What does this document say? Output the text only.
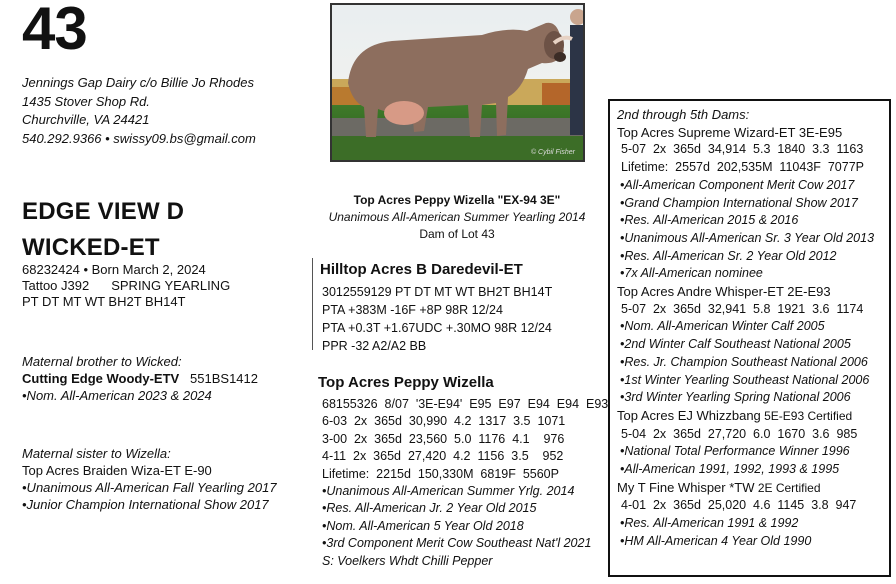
43
Jennings Gap Dairy c/o Billie Jo Rhodes
1435 Stover Shop Rd.
Churchville, VA 24421
540.292.9366 • swissy09.bs@gmail.com
EDGE VIEW D
WICKED-ET
68232424 • Born March 2, 2024
Tattoo J392 SPRING YEARLING
PT DT MT WT BH2T BH14T
Maternal brother to Wicked:
Cutting Edge Woody-ETV 551BS1412
•Nom. All-American 2023 & 2024
Maternal sister to Wizella:
Top Acres Braiden Wiza-ET E-90
•Unanimous All-American Fall Yearling 2017
•Junior Champion International Show 2017
© Cybil Fisher
Top Acres Peppy Wizella "EX-94 3E"
Unanimous All-American Summer Yearling 2014
Dam of Lot 43
Hilltop Acres B Daredevil-ET
3012559129 PT DT MT WT BH2T BH14T
PTA +383M -16F +8P 98R 12/24
PTA +0.3T +1.67UDC +.30MO 98R 12/24
PPR -32 A2/A2 BB
Top Acres Peppy Wizella
68155326  8/07  '3E-E94'  E95  E97  E94  E94  E93
6-03  2x  365d  30,990  4.2  1317  3.5  1071
3-00  2x  365d  23,560  5.0  1176  4.1    976
4-11  2x  365d  27,420  4.2  1156  3.5    952
Lifetime:  2215d  150,330M  6819F  5560P
•Unanimous All-American Summer Yrlg. 2014
•Res. All-American Jr. 2 Year Old 2015
•Nom. All-American 5 Year Old 2018
•3rd Component Merit Cow Southeast Nat'l 2021
S: Voelkers Whdt Chilli Pepper
2nd through 5th Dams:
Top Acres Supreme Wizard-ET 3E-E95
5-07  2x  365d  34,914  5.3  1840  3.3  1163
Lifetime:  2557d  202,535M  11043F  7077P
•All-American Component Merit Cow 2017
•Grand Champion International Show 2017
•Res. All-American 2015 & 2016
•Unanimous All-American Sr. 3 Year Old 2013
•Res. All-American Sr. 2 Year Old 2012
•7x All-American nominee
Top Acres Andre Whisper-ET 2E-E93
5-07  2x  365d  32,941  5.8  1921  3.6  1174
•Nom. All-American Winter Calf 2005
•2nd Winter Calf Southeast National 2005
•Res. Jr. Champion Southeast National 2006
•1st Winter Yearling Southeast National 2006
•3rd Winter Yearling Spring National 2006
Top Acres EJ Whizzbang 5E-E93 Certified
5-04  2x  365d  27,720  6.0  1670  3.6  985
•National Total Performance Winner 1996
•All-American 1991, 1992, 1993 & 1995
My T Fine Whisper *TW 2E Certified
4-01  2x  365d  25,020  4.6  1145  3.8  947
•Res. All-American 1991 & 1992
•HM All-American 4 Year Old 1990
